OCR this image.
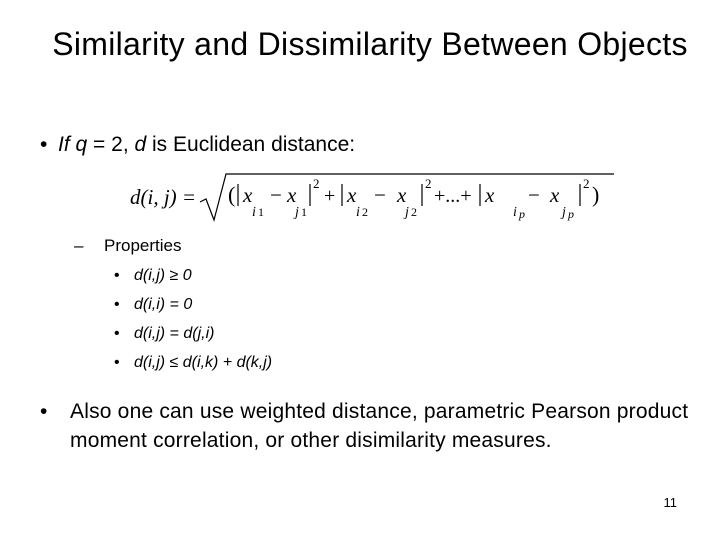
Similarity and Dissimilarity Between Objects
• If q = 2, d is Euclidean distance:
d(i, j) = ( x
i 1
− x
j 1
2
+ x
i 2
− x
j 2
2
+...+ x
i p
− x
j p
2 )
–	Properties
• d(i,j) ≥ 0
• d(i,i) = 0
• d(i,j) = d(j,i)
• d(i,j) ≤ d(i,k) + d(k,j)
•	Also one can use weighted distance, parametric Pearson product moment correlation, or other disimilarity measures.
11
